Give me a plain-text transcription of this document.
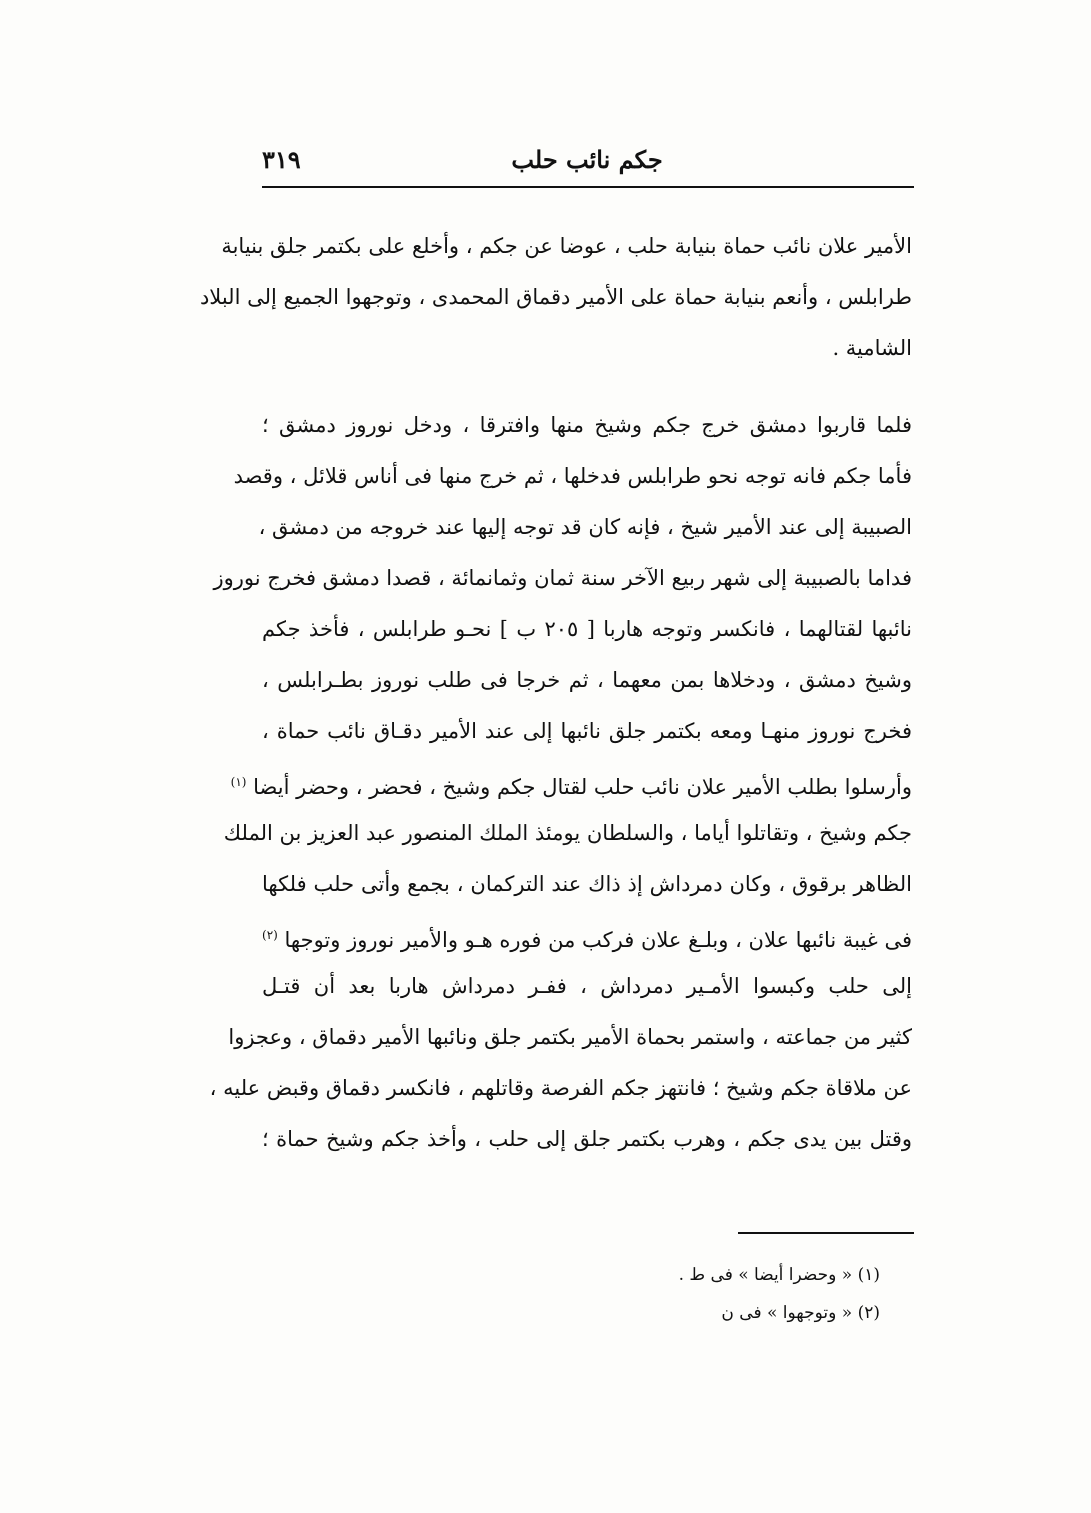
جكم نائب حلب
٣١٩
الأمير علان نائب حماة بنيابة حلب ، عوضا عن جكم ، وأخلع على بكتمر جلق بنيابة
طرابلس ، وأنعم بنيابة حماة على الأمير دقماق المحمدى ، وتوجهوا الجميع إلى البلاد
الشامية .
فلما قاربوا دمشق خرج جكم وشيخ منها وافترقا ، ودخل نوروز دمشق ؛
فأما جكم فانه توجه نحو طرابلس فدخلها ، ثم خرج منها فى أناس قلائل ، وقصد
الصبيبة إلى عند الأمير شيخ ، فإنه كان قد توجه إليها عند خروجه من دمشق ،
فداما بالصبيبة إلى شهر ربيع الآخر سنة ثمان وثمانمائة ، قصدا دمشق فخرج نوروز
نائبها لقتالهما ، فانكسر وتوجه هاربا [ ٢٠٥ ب ] نحـو طرابلس ، فأخذ جكم
وشيخ دمشق ، ودخلاها بمن معهما ، ثم خرجا فى طلب نوروز بطـرابلس ،
فخرج نوروز منهـا ومعه بكتمر جلق نائبها إلى عند الأمير دقـاق نائب حماة ،
وأرسلوا بطلب الأمير علان نائب حلب لقتال جكم وشيخ ، فحضر ، وحضر أيضا $^{(١)}$
جكم وشيخ ، وتقاتلوا أياما ، والسلطان يومئذ الملك المنصور عبد العزيز بن الملك
الظاهر برقوق ، وكان دمرداش إذ ذاك عند التركمان ، بجمع وأتى حلب فلكها
فى غيبة نائبها علان ، وبلـغ علان فركب من فوره هـو والأمير نوروز وتوجها $^{(٢)}$
إلى حلب وكبسوا الأمـير دمرداش ، ففـر دمرداش هاربا بعد أن قتـل
كثير من جماعته ، واستمر بحماة الأمير بكتمر جلق ونائبها الأمير دقماق ، وعجزوا
عن ملاقاة جكم وشيخ ؛ فانتهز جكم الفرصة وقاتلهم ، فانكسر دقماق وقبض عليه ،
وقتل بين يدى جكم ، وهرب بكتمر جلق إلى حلب ، وأخذ جكم وشيخ حماة ؛
(١) « وحضرا أيضا » فى ط .
(٢) « وتوجهوا » فى ن
